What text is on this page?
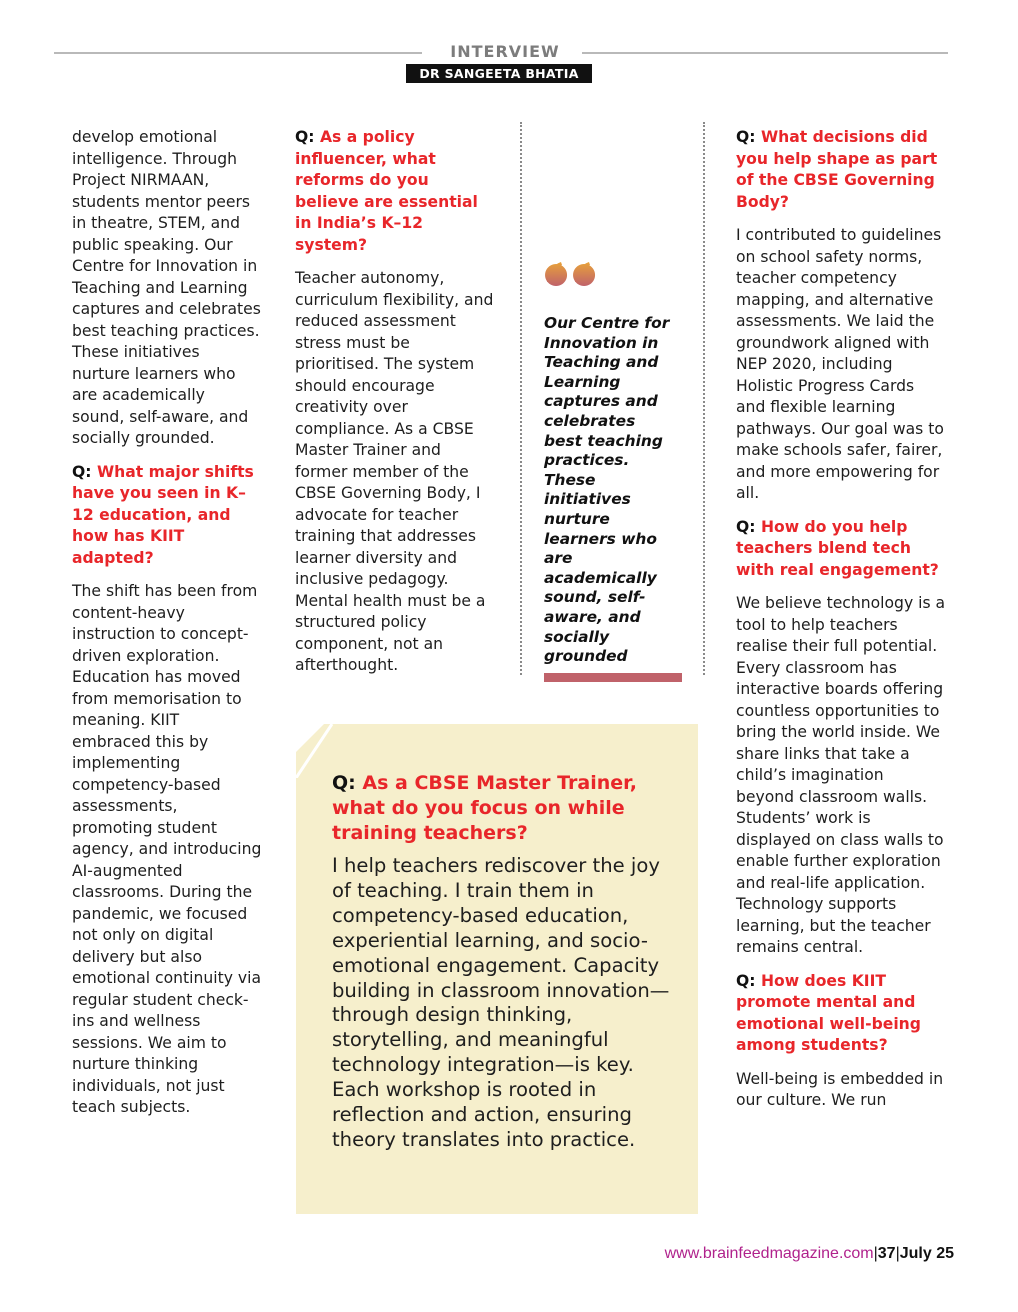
INTERVIEW
DR SANGEETA BHATIA

develop emotional intelligence. Through Project NIRMAAN, students mentor peers in theatre, STEM, and public speaking. Our Centre for Innovation in Teaching and Learning captures and celebrates best teaching practices. These initiatives nurture learners who are academically sound, self-aware, and socially grounded.

Q: What major shifts have you seen in K–12 education, and how has KIIT adapted?

The shift has been from content-heavy instruction to concept-driven exploration. Education has moved from memorisation to meaning. KIIT embraced this by implementing competency-based assessments, promoting student agency, and introducing AI-augmented classrooms. During the pandemic, we focused not only on digital delivery but also emotional continuity via regular student check-ins and wellness sessions. We aim to nurture thinking individuals, not just teach subjects.

Q: As a policy influencer, what reforms do you believe are essential in India’s K–12 system?

Teacher autonomy, curriculum flexibility, and reduced assessment stress must be prioritised. The system should encourage creativity over compliance. As a CBSE Master Trainer and former member of the CBSE Governing Body, I advocate for teacher training that addresses learner diversity and inclusive pedagogy. Mental health must be a structured policy component, not an afterthought.

Our Centre for Innovation in Teaching and Learning captures and celebrates best teaching practices. These initiatives nurture learners who are academically sound, self-aware, and socially grounded

Q: What decisions did you help shape as part of the CBSE Governing Body?

I contributed to guidelines on school safety norms, teacher competency mapping, and alternative assessments. We laid the groundwork aligned with NEP 2020, including Holistic Progress Cards and flexible learning pathways. Our goal was to make schools safer, fairer, and more empowering for all.

Q: How do you help teachers blend tech with real engagement?

We believe technology is a tool to help teachers realise their full potential. Every classroom has interactive boards offering countless opportunities to bring the world inside. We share links that take a child’s imagination beyond classroom walls. Students’ work is displayed on class walls to enable further exploration and real-life application. Technology supports learning, but the teacher remains central.

Q: How does KIIT promote mental and emotional well-being among students?

Well-being is embedded in our culture. We run

Q: As a CBSE Master Trainer, what do you focus on while training teachers?

I help teachers rediscover the joy of teaching. I train them in competency-based education, experiential learning, and socio-emotional engagement. Capacity building in classroom innovation—through design thinking, storytelling, and meaningful technology integration—is key. Each workshop is rooted in reflection and action, ensuring theory translates into practice.

www.brainfeedmagazine.com|37|July 25
